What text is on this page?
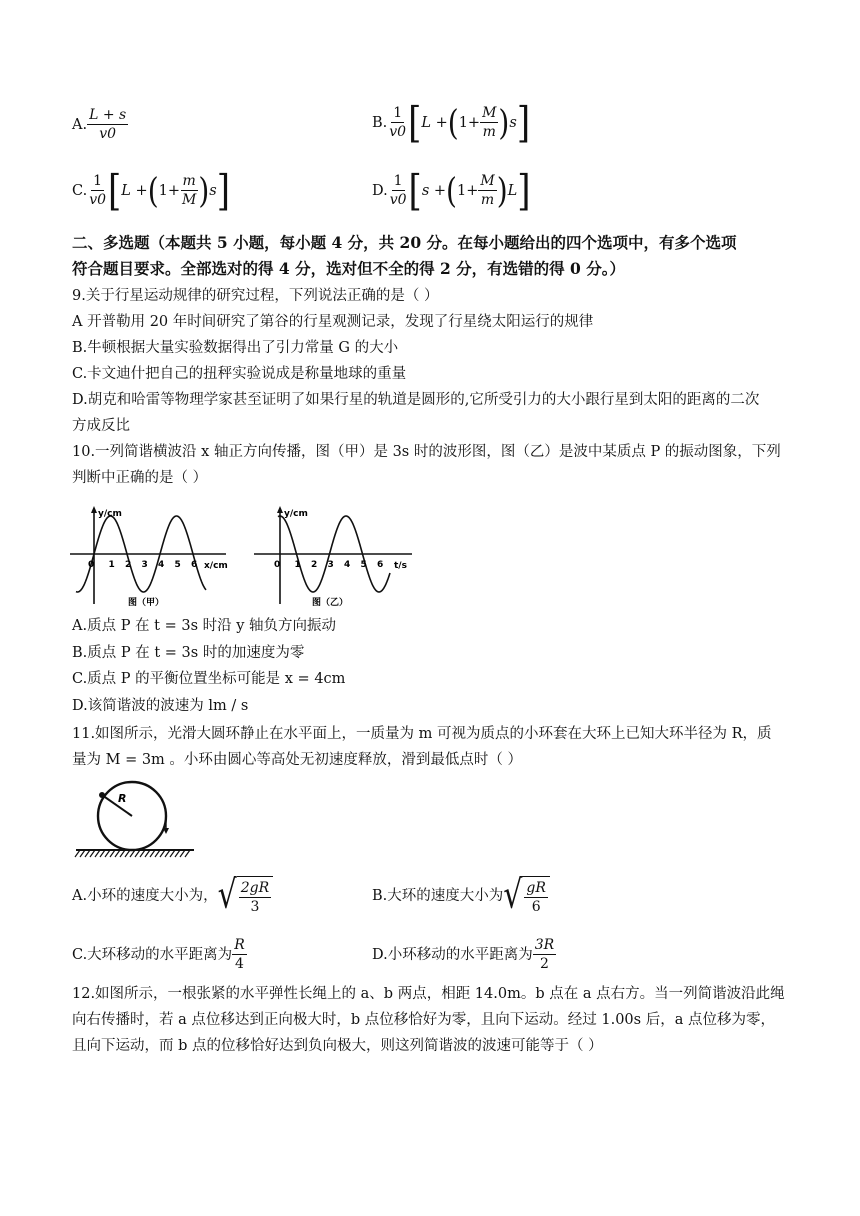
A. $\frac{L + s}{v0}$	B. $\frac{1}{v0}$ [ L
+ ( $1+ \frac{M}{m}$ ) s ]
C. $\frac{1}{v0}$ [ L
+ ( $1+ \frac{m}{M}$ ) s ]	D. $\frac{1}{v0}$ [ s
+ ( $1+ \frac{M}{m}$ ) L ]
二、多选题（本题共 5 小题，每小题 4 分，共 20 分。在每小题给出的四个选项中，有多个选项
符合题目要求。全部选对的得 4 分，选对但不全的得 2 分，有选错的得 0 分。）
9.关于行星运动规律的研究过程，下列说法正确的是（ ）
A 开普勒用 20 年时间研究了第谷的行星观测记录，发现了行星绕太阳运行的规律
B.牛顿根据大量实验数据得出了引力常量 G 的大小
C.卡文迪什把自己的扭秤实验说成是称量地球的重量
D.胡克和哈雷等物理学家甚至证明了如果行星的轨道是圆形的,它所受引力的大小跟行星到太阳的距离的二次
方成反比
10.一列简谐横波沿 x 轴正方向传播，图（甲）是 3s 时的波形图，图（乙）是波中某质点 P 的振动图象，下列
判断中正确的是（ ）
y/cm
x/cm
0 1 2 3 4 5 6
图（甲）
y/cm
t/s
0 1 2 3 4 5 6
图（乙）
A.质点 P 在 t = 3s 时沿 y 轴负方向振动
B.质点 P 在 t = 3s 时的加速度为零
C.质点 P 的平衡位置坐标可能是 x = 4cm
D.该简谐波的波速为 lm / s
11.如图所示，光滑大圆环静止在水平面上，一质量为 m 可视为质点的小环套在大环上已知大环半径为 R，质
量为 M = 3m 。小环由圆心等高处无初速度释放，滑到最低点时（ ）
R
A.小环的速度大小为， √ $\frac{2gR}{3}$	B.大环的速度大小为 √ $\frac{gR}{6}$
C.大环移动的水平距离为 $\frac{R}{4}$	D.小环移动的水平距离为 $\frac{3R}{2}$
12.如图所示，一根张紧的水平弹性长绳上的 a、b 两点，相距 14.0m。b 点在 a 点右方。当一列简谐波沿此绳
向右传播时，若 a 点位移达到正向极大时，b 点位移恰好为零，且向下运动。经过 1.00s 后，a 点位移为零，
且向下运动，而 b 点的位移恰好达到负向极大，则这列简谐波的波速可能等于（ ）
